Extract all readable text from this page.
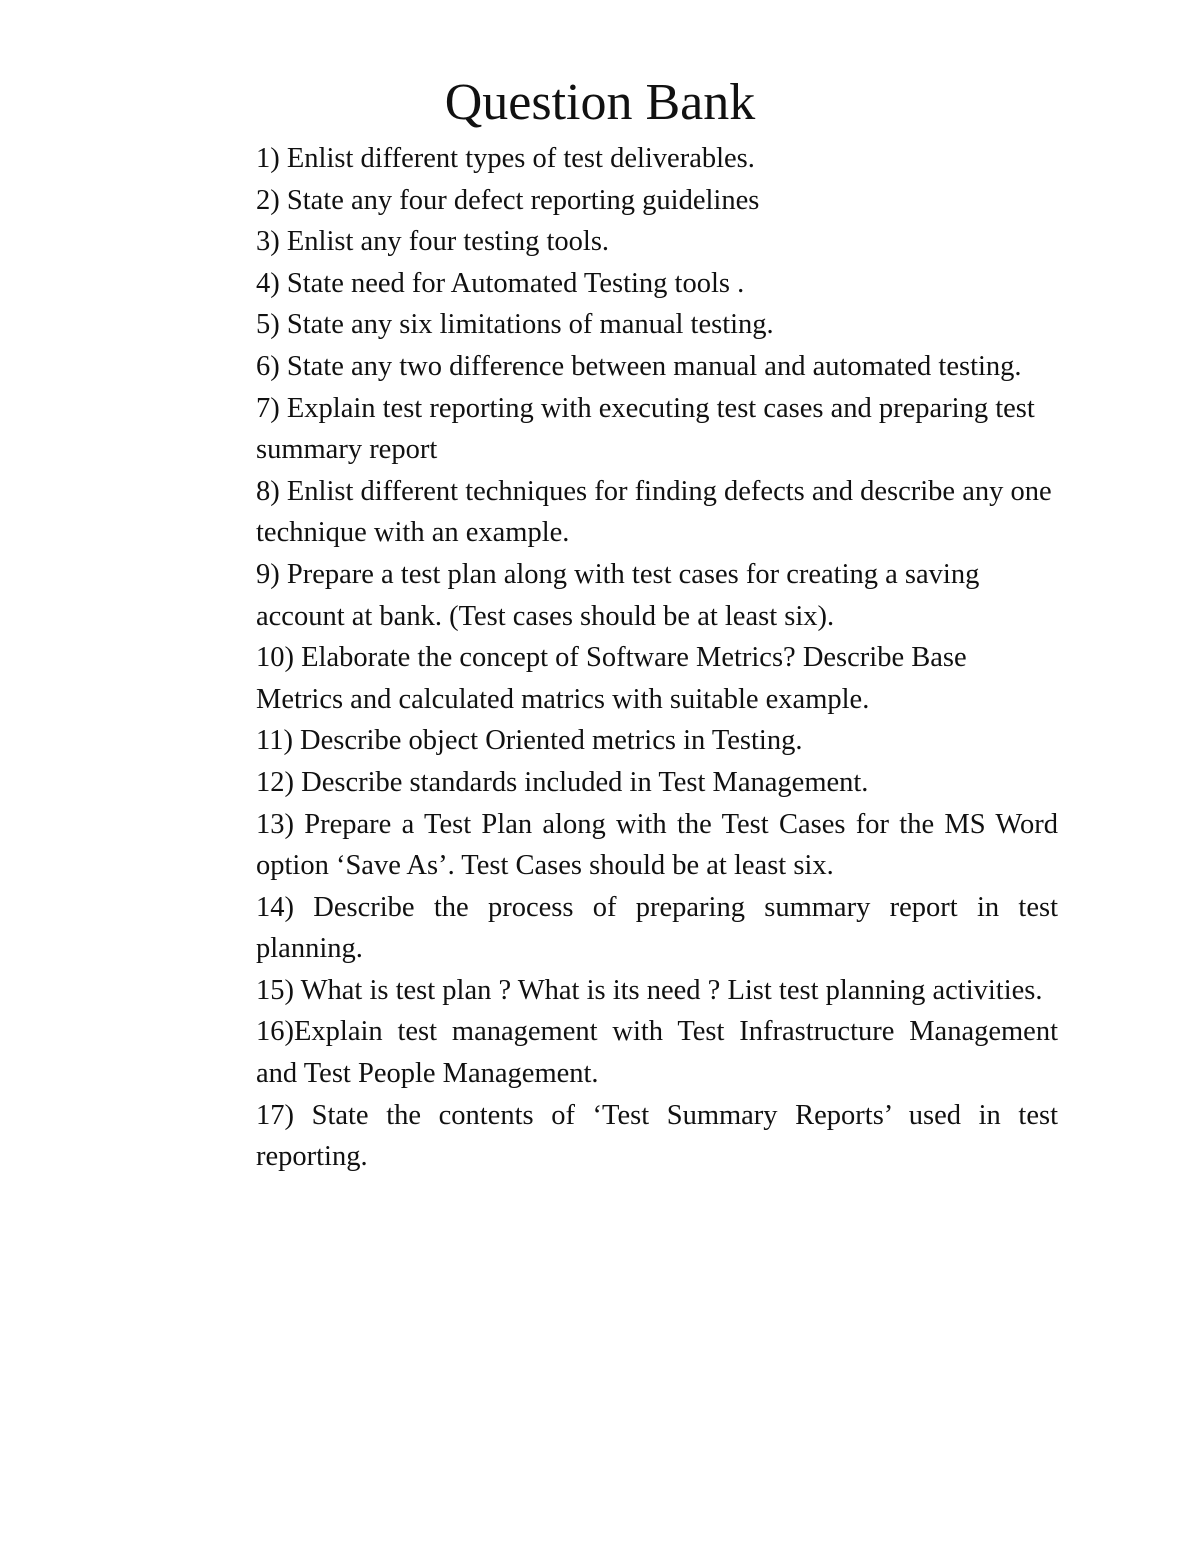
Question Bank
1) Enlist different types of test deliverables.
2) State any four defect reporting guidelines
3) Enlist any four testing tools.
4) State need for Automated Testing tools .
5) State any six limitations of manual testing.
6) State any two difference between manual and automated testing.
7) Explain test reporting with executing test cases and preparing test summary report
8) Enlist different techniques for finding defects and describe any one technique with an example.
9) Prepare a test plan along with test cases for creating a saving account at bank. (Test cases should be at least six).
10) Elaborate the concept of Software Metrics? Describe Base Metrics and calculated matrics with suitable example.
11) Describe object Oriented metrics in Testing.
12) Describe standards included in Test Management.
13) Prepare a Test Plan along with the Test Cases for the MS Word option ‘Save As’. Test Cases should be at least six.
14) Describe the process of preparing summary report in test planning.
15) What is test plan ? What is its need ? List test planning activities.
16)Explain test management with Test Infrastructure Management and Test People Management.
17) State the contents of ‘Test Summary Reports’ used in test reporting.
